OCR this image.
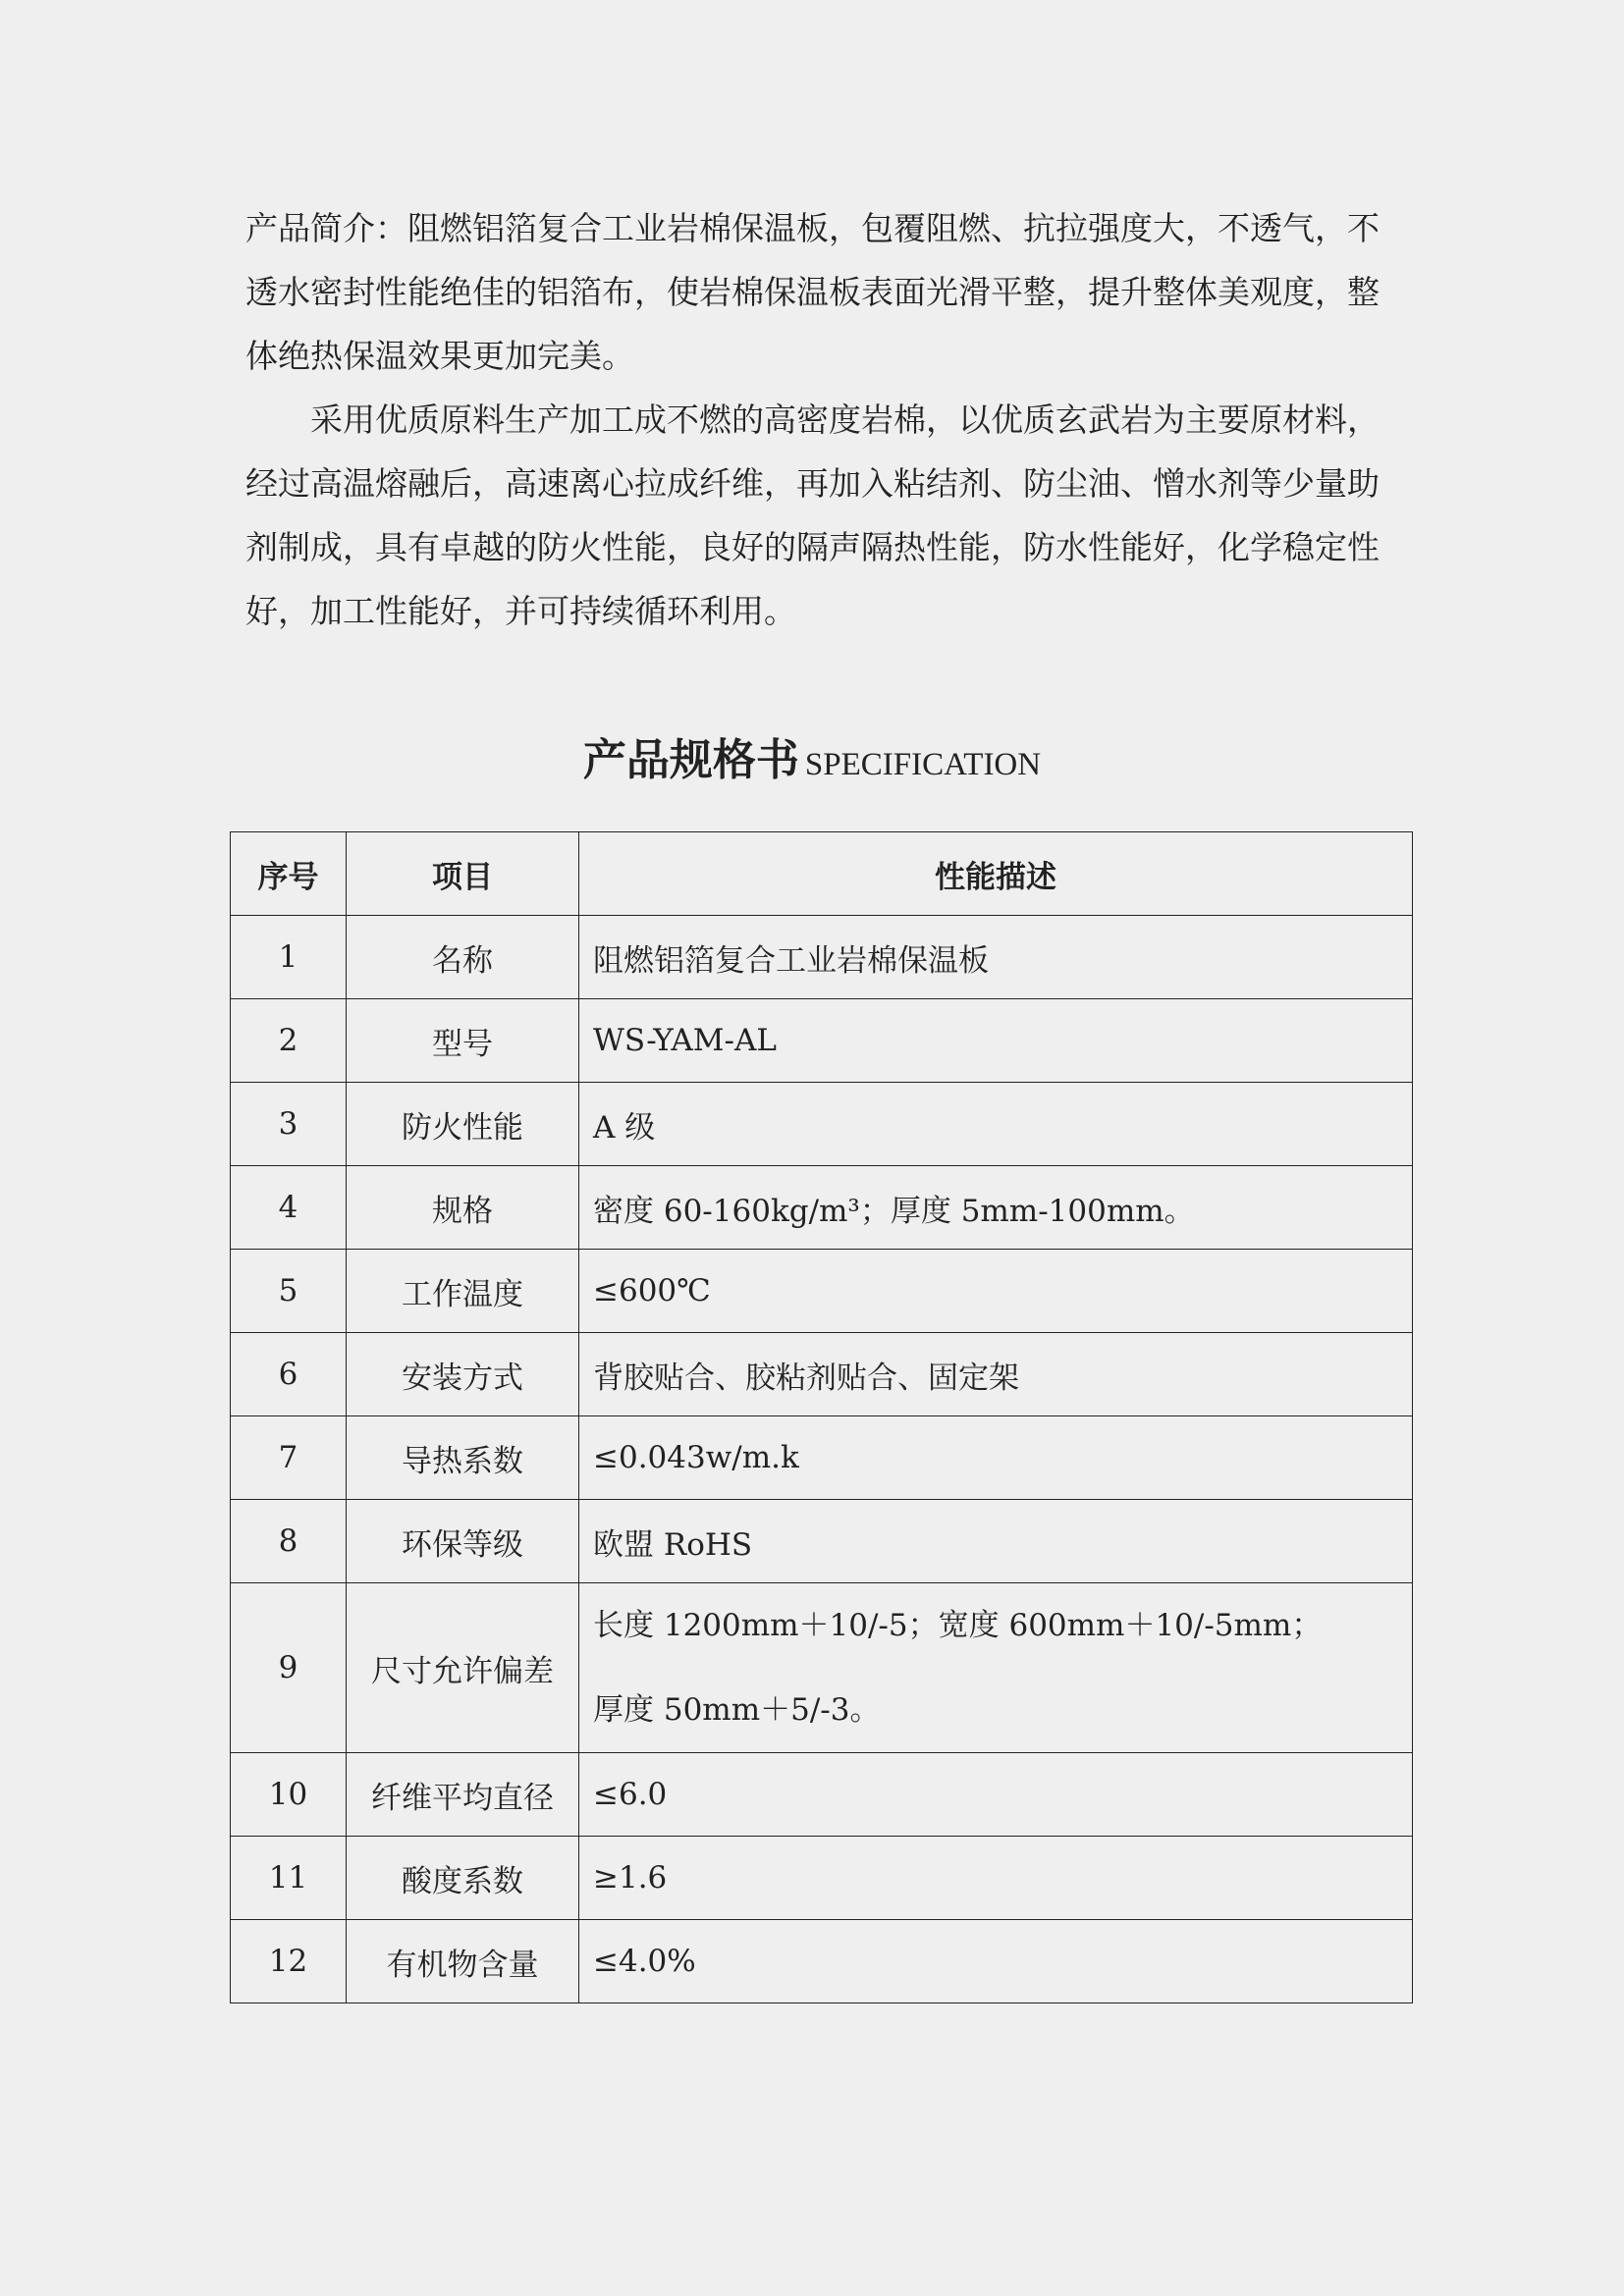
产品简介：阻燃铝箔复合工业岩棉保温板，包覆阻燃、抗拉强度大，不透气，不透水密封性能绝佳的铝箔布，使岩棉保温板表面光滑平整，提升整体美观度，整体绝热保温效果更加完美。

采用优质原料生产加工成不燃的高密度岩棉，以优质玄武岩为主要原材料，经过高温熔融后，高速离心拉成纤维，再加入粘结剂、防尘油、憎水剂等少量助剂制成，具有卓越的防火性能，良好的隔声隔热性能，防水性能好，化学稳定性好，加工性能好，并可持续循环利用。

产品规格书 SPECIFICATION
序号	项目	性能描述
1	名称	阻燃铝箔复合工业岩棉保温板
2	型号	WS-YAM-AL
3	防火性能	A 级
4	规格	密度 60-160kg/m³；厚度 5mm-100mm。
5	工作温度	≤600℃
6	安装方式	背胶贴合、胶粘剂贴合、固定架
7	导热系数	≤0.043w/m.k
8	环保等级	欧盟 RoHS
9	尺寸允许偏差	长度 1200mm＋10/-5；宽度 600mm＋10/-5mm；
厚度 50mm＋5/-3。

10	纤维平均直径	≤6.0
11	酸度系数	≥1.6
12	有机物含量	≤4.0%
